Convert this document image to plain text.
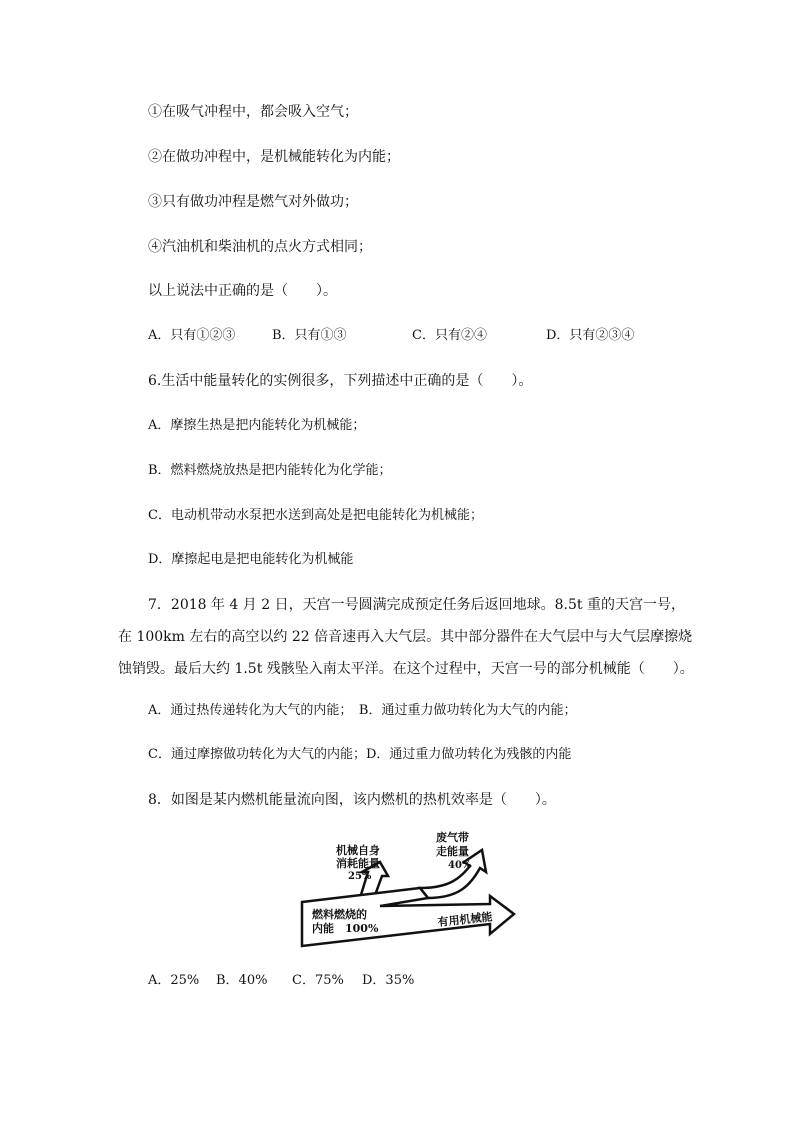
①在吸气冲程中，都会吸入空气；
②在做功冲程中，是机械能转化为内能；
③只有做功冲程是燃气对外做功；
④汽油机和柴油机的点火方式相同；
以上说法中正确的是（　　）。
A．只有①②③	B．只有①③	C．只有②④	D．只有②③④
6.生活中能量转化的实例很多，下列描述中正确的是（　　）。
A．摩擦生热是把内能转化为机械能；
B．燃料燃烧放热是把内能转化为化学能；
C．电动机带动水泵把水送到高处是把电能转化为机械能；
D．摩擦起电是把电能转化为机械能
7．2018 年 4 月 2 日，天宫一号圆满完成预定任务后返回地球。8.5t 重的天宫一号，
在 100km 左右的高空以约 22 倍音速再入大气层。其中部分器件在大气层中与大气层摩擦烧
蚀销毁。最后大约 1.5t 残骸坠入南太平洋。在这个过程中，天宫一号的部分机械能（　　）。
A．通过热传递转化为大气的内能；　B．通过重力做功转化为大气的内能；
C．通过摩擦做功转化为大气的内能；D．通过重力做功转化为残骸的内能
8．如图是某内燃机能量流向图，该内燃机的热机效率是（　　）。
机械自身
消耗能量
25%
废气带
走能量
40%
燃料燃烧的
内能　100%	有用机械能
A．25% B．40% C．75% D．35%
